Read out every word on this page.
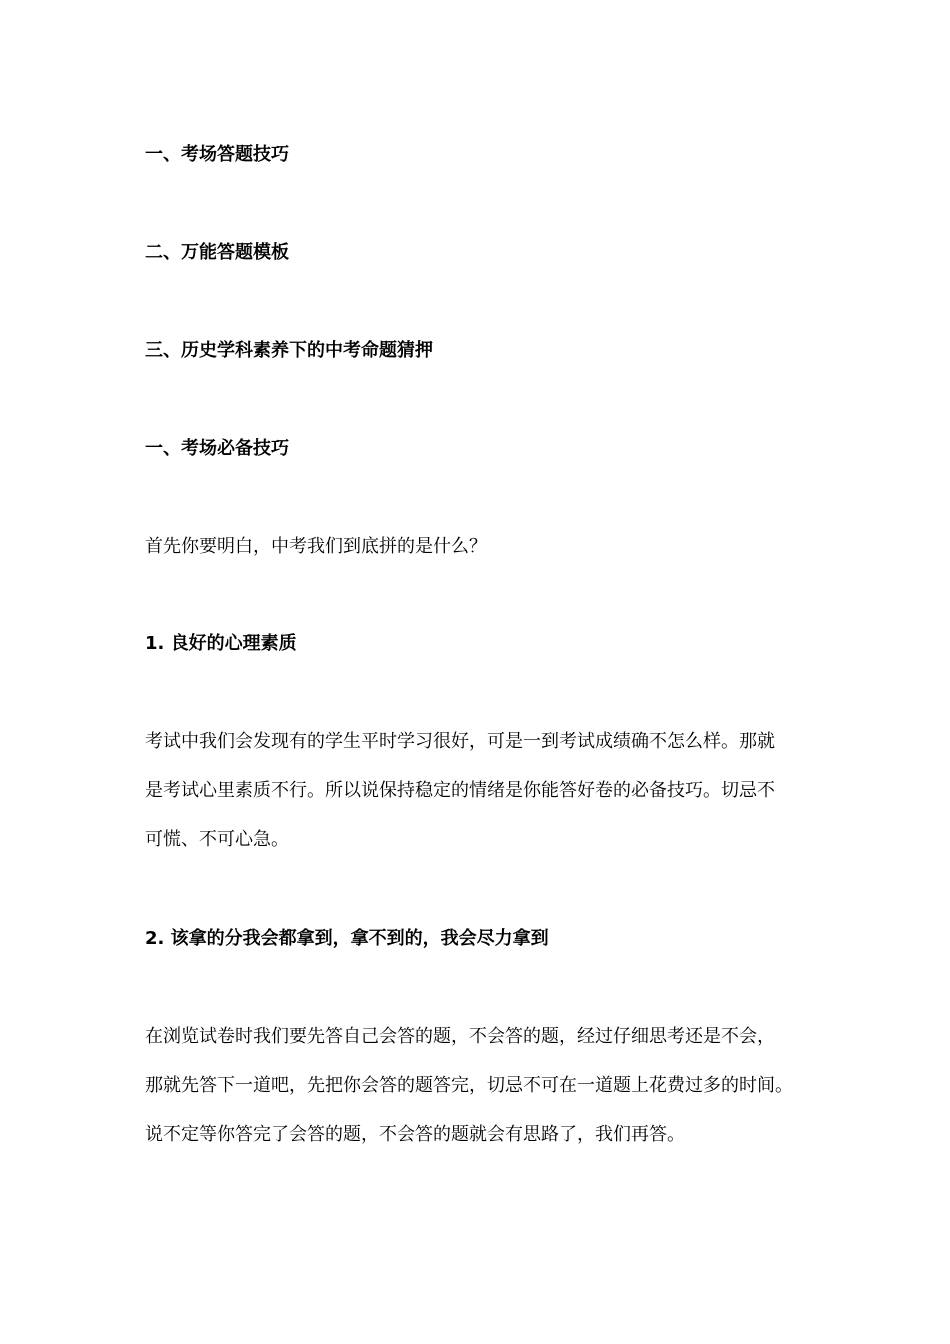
一、考场答题技巧
二、万能答题模板
三、历史学科素养下的中考命题猜押
一、考场必备技巧
首先你要明白，中考我们到底拼的是什么？
1. 良好的心理素质
考试中我们会发现有的学生平时学习很好，可是一到考试成绩确不怎么样。那就
是考试心里素质不行。所以说保持稳定的情绪是你能答好卷的必备技巧。切忌不
可慌、不可心急。
2. 该拿的分我会都拿到，拿不到的，我会尽力拿到
在浏览试卷时我们要先答自己会答的题，不会答的题，经过仔细思考还是不会，
那就先答下一道吧，先把你会答的题答完，切忌不可在一道题上花费过多的时间。
说不定等你答完了会答的题，不会答的题就会有思路了，我们再答。
